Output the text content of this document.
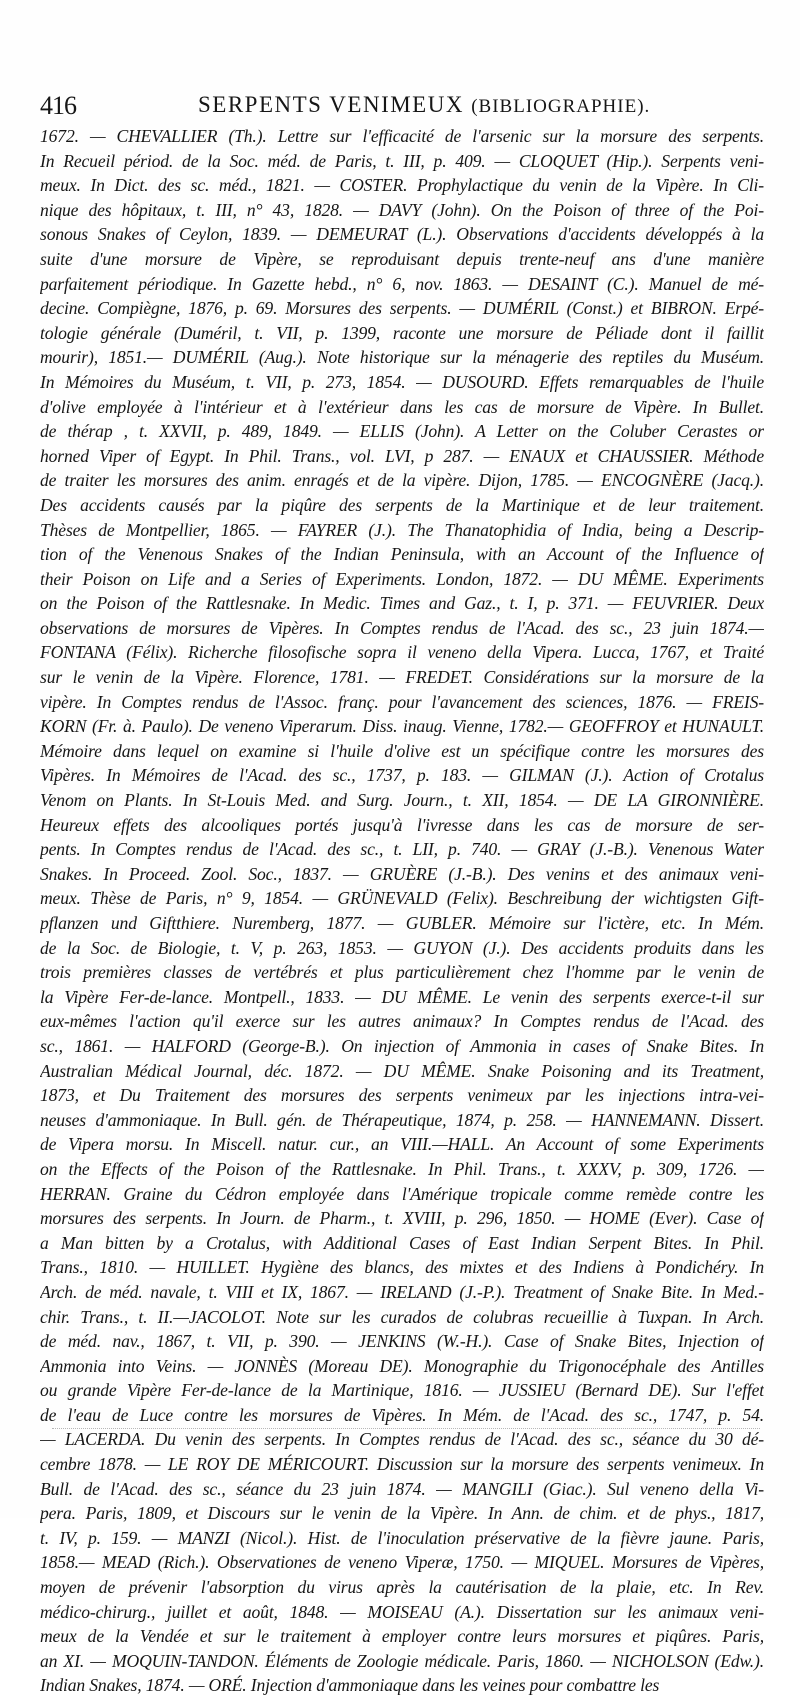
416	SERPENTS VENIMEUX (BIBLIOGRAPHIE).
1672. — CHEVALLIER (Th.). Lettre sur l'efficacité de l'arsenic sur la morsure des serpents.
In Recueil périod. de la Soc. méd. de Paris, t. III, p. 409. — CLOQUET (Hip.). Serpents veni-
meux. In Dict. des sc. méd., 1821. — COSTER. Prophylactique du venin de la Vipère. In Cli-
nique des hôpitaux, t. III, n° 43, 1828. — DAVY (John). On the Poison of three of the Poi-
sonous Snakes of Ceylon, 1839. — DEMEURAT (L.). Observations d'accidents développés à la
suite d'une morsure de Vipère, se reproduisant depuis trente-neuf ans d'une manière
parfaitement périodique. In Gazette hebd., n° 6, nov. 1863. — DESAINT (C.). Manuel de mé-
decine. Compiègne, 1876, p. 69. Morsures des serpents. — DUMÉRIL (Const.) et BIBRON. Erpé-
tologie générale (Duméril, t. VII, p. 1399, raconte une morsure de Péliade dont il faillit
mourir), 1851.— DUMÉRIL (Aug.). Note historique sur la ménagerie des reptiles du Muséum.
In Mémoires du Muséum, t. VII, p. 273, 1854. — DUSOURD. Effets remarquables de l'huile
d'olive employée à l'intérieur et à l'extérieur dans les cas de morsure de Vipère. In Bullet.
de thérap , t. XXVII, p. 489, 1849. — ELLIS (John). A Letter on the Coluber Cerastes or
horned Viper of Egypt. In Phil. Trans., vol. LVI, p 287. — ENAUX et CHAUSSIER. Méthode
de traiter les morsures des anim. enragés et de la vipère. Dijon, 1785. — ENCOGNÈRE (Jacq.).
Des accidents causés par la piqûre des serpents de la Martinique et de leur traitement.
Thèses de Montpellier, 1865. — FAYRER (J.). The Thanatophidia of India, being a Descrip-
tion of the Venenous Snakes of the Indian Peninsula, with an Account of the Influence of
their Poison on Life and a Series of Experiments. London, 1872. — DU MÊME. Experiments
on the Poison of the Rattlesnake. In Medic. Times and Gaz., t. I, p. 371. — FEUVRIER. Deux
observations de morsures de Vipères. In Comptes rendus de l'Acad. des sc., 23 juin 1874.—
FONTANA (Félix). Richerche filosofische sopra il veneno della Vipera. Lucca, 1767, et Traité
sur le venin de la Vipère. Florence, 1781. — FREDET. Considérations sur la morsure de la
vipère. In Comptes rendus de l'Assoc. franç. pour l'avancement des sciences, 1876. — FREIS-
KORN (Fr. à. Paulo). De veneno Viperarum. Diss. inaug. Vienne, 1782.— GEOFFROY et HUNAULT.
Mémoire dans lequel on examine si l'huile d'olive est un spécifique contre les morsures des
Vipères. In Mémoires de l'Acad. des sc., 1737, p. 183. — GILMAN (J.). Action of Crotalus
Venom on Plants. In St-Louis Med. and Surg. Journ., t. XII, 1854. — DE LA GIRONNIÈRE.
Heureux effets des alcooliques portés jusqu'à l'ivresse dans les cas de morsure de ser-
pents. In Comptes rendus de l'Acad. des sc., t. LII, p. 740. — GRAY (J.-B.). Venenous Water
Snakes. In Proceed. Zool. Soc., 1837. — GRUÈRE (J.-B.). Des venins et des animaux veni-
meux. Thèse de Paris, n° 9, 1854. — GRÜNEVALD (Felix). Beschreibung der wichtigsten Gift-
pflanzen und Giftthiere. Nuremberg, 1877. — GUBLER. Mémoire sur l'ictère, etc. In Mém.
de la Soc. de Biologie, t. V, p. 263, 1853. — GUYON (J.). Des accidents produits dans les
trois premières classes de vertébrés et plus particulièrement chez l'homme par le venin de
la Vipère Fer-de-lance. Montpell., 1833. — DU MÊME. Le venin des serpents exerce-t-il sur
eux-mêmes l'action qu'il exerce sur les autres animaux? In Comptes rendus de l'Acad. des
sc., 1861. — HALFORD (George-B.). On injection of Ammonia in cases of Snake Bites. In
Australian Médical Journal, déc. 1872. — DU MÊME. Snake Poisoning and its Treatment,
1873, et Du Traitement des morsures des serpents venimeux par les injections intra-vei-
neuses d'ammoniaque. In Bull. gén. de Thérapeutique, 1874, p. 258. — HANNEMANN. Dissert.
de Vipera morsu. In Miscell. natur. cur., an VIII.—HALL. An Account of some Experiments
on the Effects of the Poison of the Rattlesnake. In Phil. Trans., t. XXXV, p. 309, 1726. —
HERRAN. Graine du Cédron employée dans l'Amérique tropicale comme remède contre les
morsures des serpents. In Journ. de Pharm., t. XVIII, p. 296, 1850. — HOME (Ever). Case of
a Man bitten by a Crotalus, with Additional Cases of East Indian Serpent Bites. In Phil.
Trans., 1810. — HUILLET. Hygiène des blancs, des mixtes et des Indiens à Pondichéry. In
Arch. de méd. navale, t. VIII et IX, 1867. — IRELAND (J.-P.). Treatment of Snake Bite. In Med.-
chir. Trans., t. II.—JACOLOT. Note sur les curados de colubras recueillie à Tuxpan. In Arch.
de méd. nav., 1867, t. VII, p. 390. — JENKINS (W.-H.). Case of Snake Bites, Injection of
Ammonia into Veins. — JONNÈS (Moreau DE). Monographie du Trigonocéphale des Antilles
ou grande Vipère Fer-de-lance de la Martinique, 1816. — JUSSIEU (Bernard DE). Sur l'effet
de l'eau de Luce contre les morsures de Vipères. In Mém. de l'Acad. des sc., 1747, p. 54.
— LACERDA. Du venin des serpents. In Comptes rendus de l'Acad. des sc., séance du 30 dé-
cembre 1878. — LE ROY DE MÉRICOURT. Discussion sur la morsure des serpents venimeux. In
Bull. de l'Acad. des sc., séance du 23 juin 1874. — MANGILI (Giac.). Sul veneno della Vi-
pera. Paris, 1809, et Discours sur le venin de la Vipère. In Ann. de chim. et de phys., 1817,
t. IV, p. 159. — MANZI (Nicol.). Hist. de l'inoculation préservative de la fièvre jaune. Paris,
1858.— MEAD (Rich.). Observationes de veneno Viperæ, 1750. — MIQUEL. Morsures de Vipères,
moyen de prévenir l'absorption du virus après la cautérisation de la plaie, etc. In Rev.
médico-chirurg., juillet et août, 1848. — MOISEAU (A.). Dissertation sur les animaux veni-
meux de la Vendée et sur le traitement à employer contre leurs morsures et piqûres. Paris,
an XI. — MOQUIN-TANDON. Éléments de Zoologie médicale. Paris, 1860. — NICHOLSON (Edw.).
Indian Snakes, 1874. — ORÉ. Injection d'ammoniaque dans les veines pour combattre les
